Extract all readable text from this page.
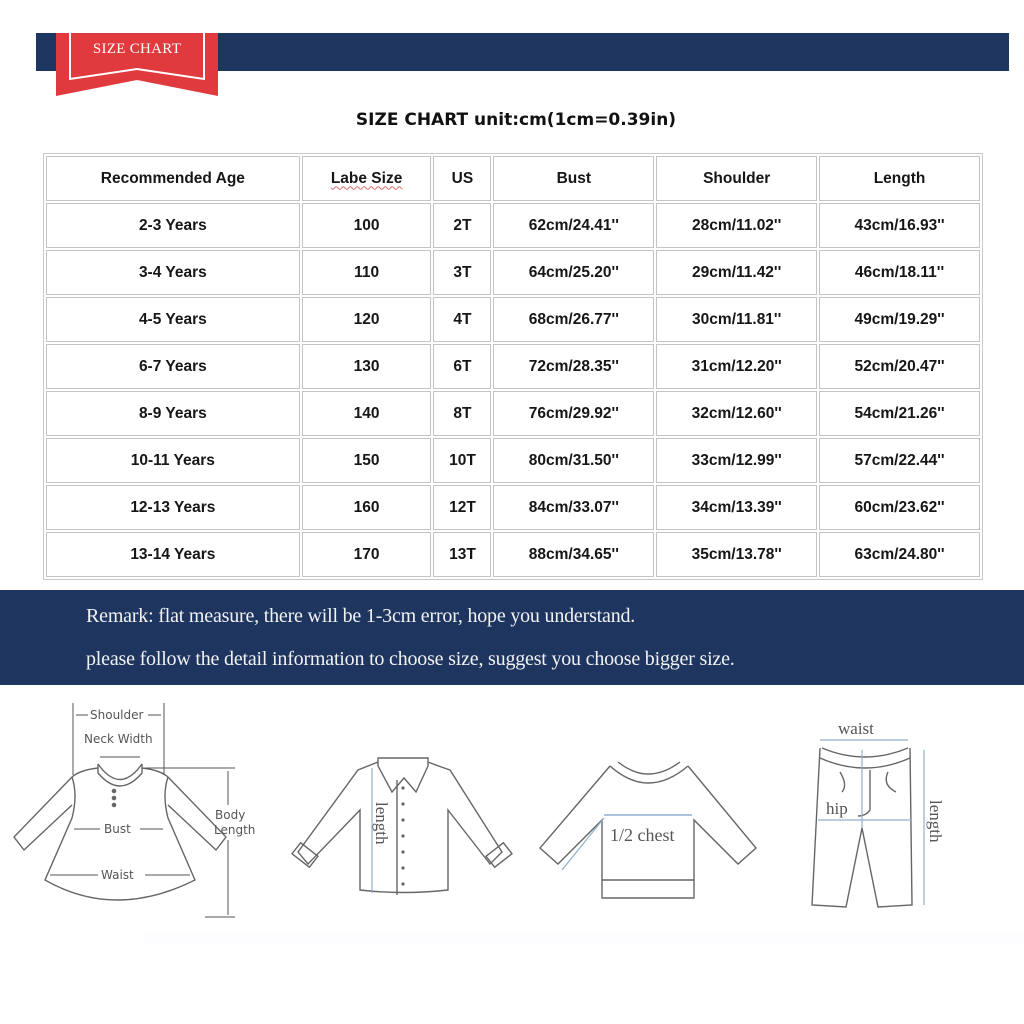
SIZE CHART
SIZE CHART unit:cm(1cm=0.39in)
Recommended Age	Labe Size	US	Bust	Shoulder	Length
2-3 Years	100	2T	62cm/24.41''	28cm/11.02''	43cm/16.93''
3-4 Years	110	3T	64cm/25.20''	29cm/11.42''	46cm/18.11''
4-5 Years	120	4T	68cm/26.77''	30cm/11.81''	49cm/19.29''
6-7 Years	130	6T	72cm/28.35''	31cm/12.20''	52cm/20.47''
8-9 Years	140	8T	76cm/29.92''	32cm/12.60''	54cm/21.26''
10-11 Years	150	10T	80cm/31.50''	33cm/12.99''	57cm/22.44''
12-13 Years	160	12T	84cm/33.07''	34cm/13.39''	60cm/23.62''
13-14 Years	170	13T	88cm/34.65''	35cm/13.78''	63cm/24.80''
Remark: flat measure, there will be 1-3cm error, hope you understand.
please follow the detail information to choose size, suggest you choose bigger size.
Shoulder
Neck Width
Bust
Waist
Body
Length	length	1/2 chest
waist
hip	length
